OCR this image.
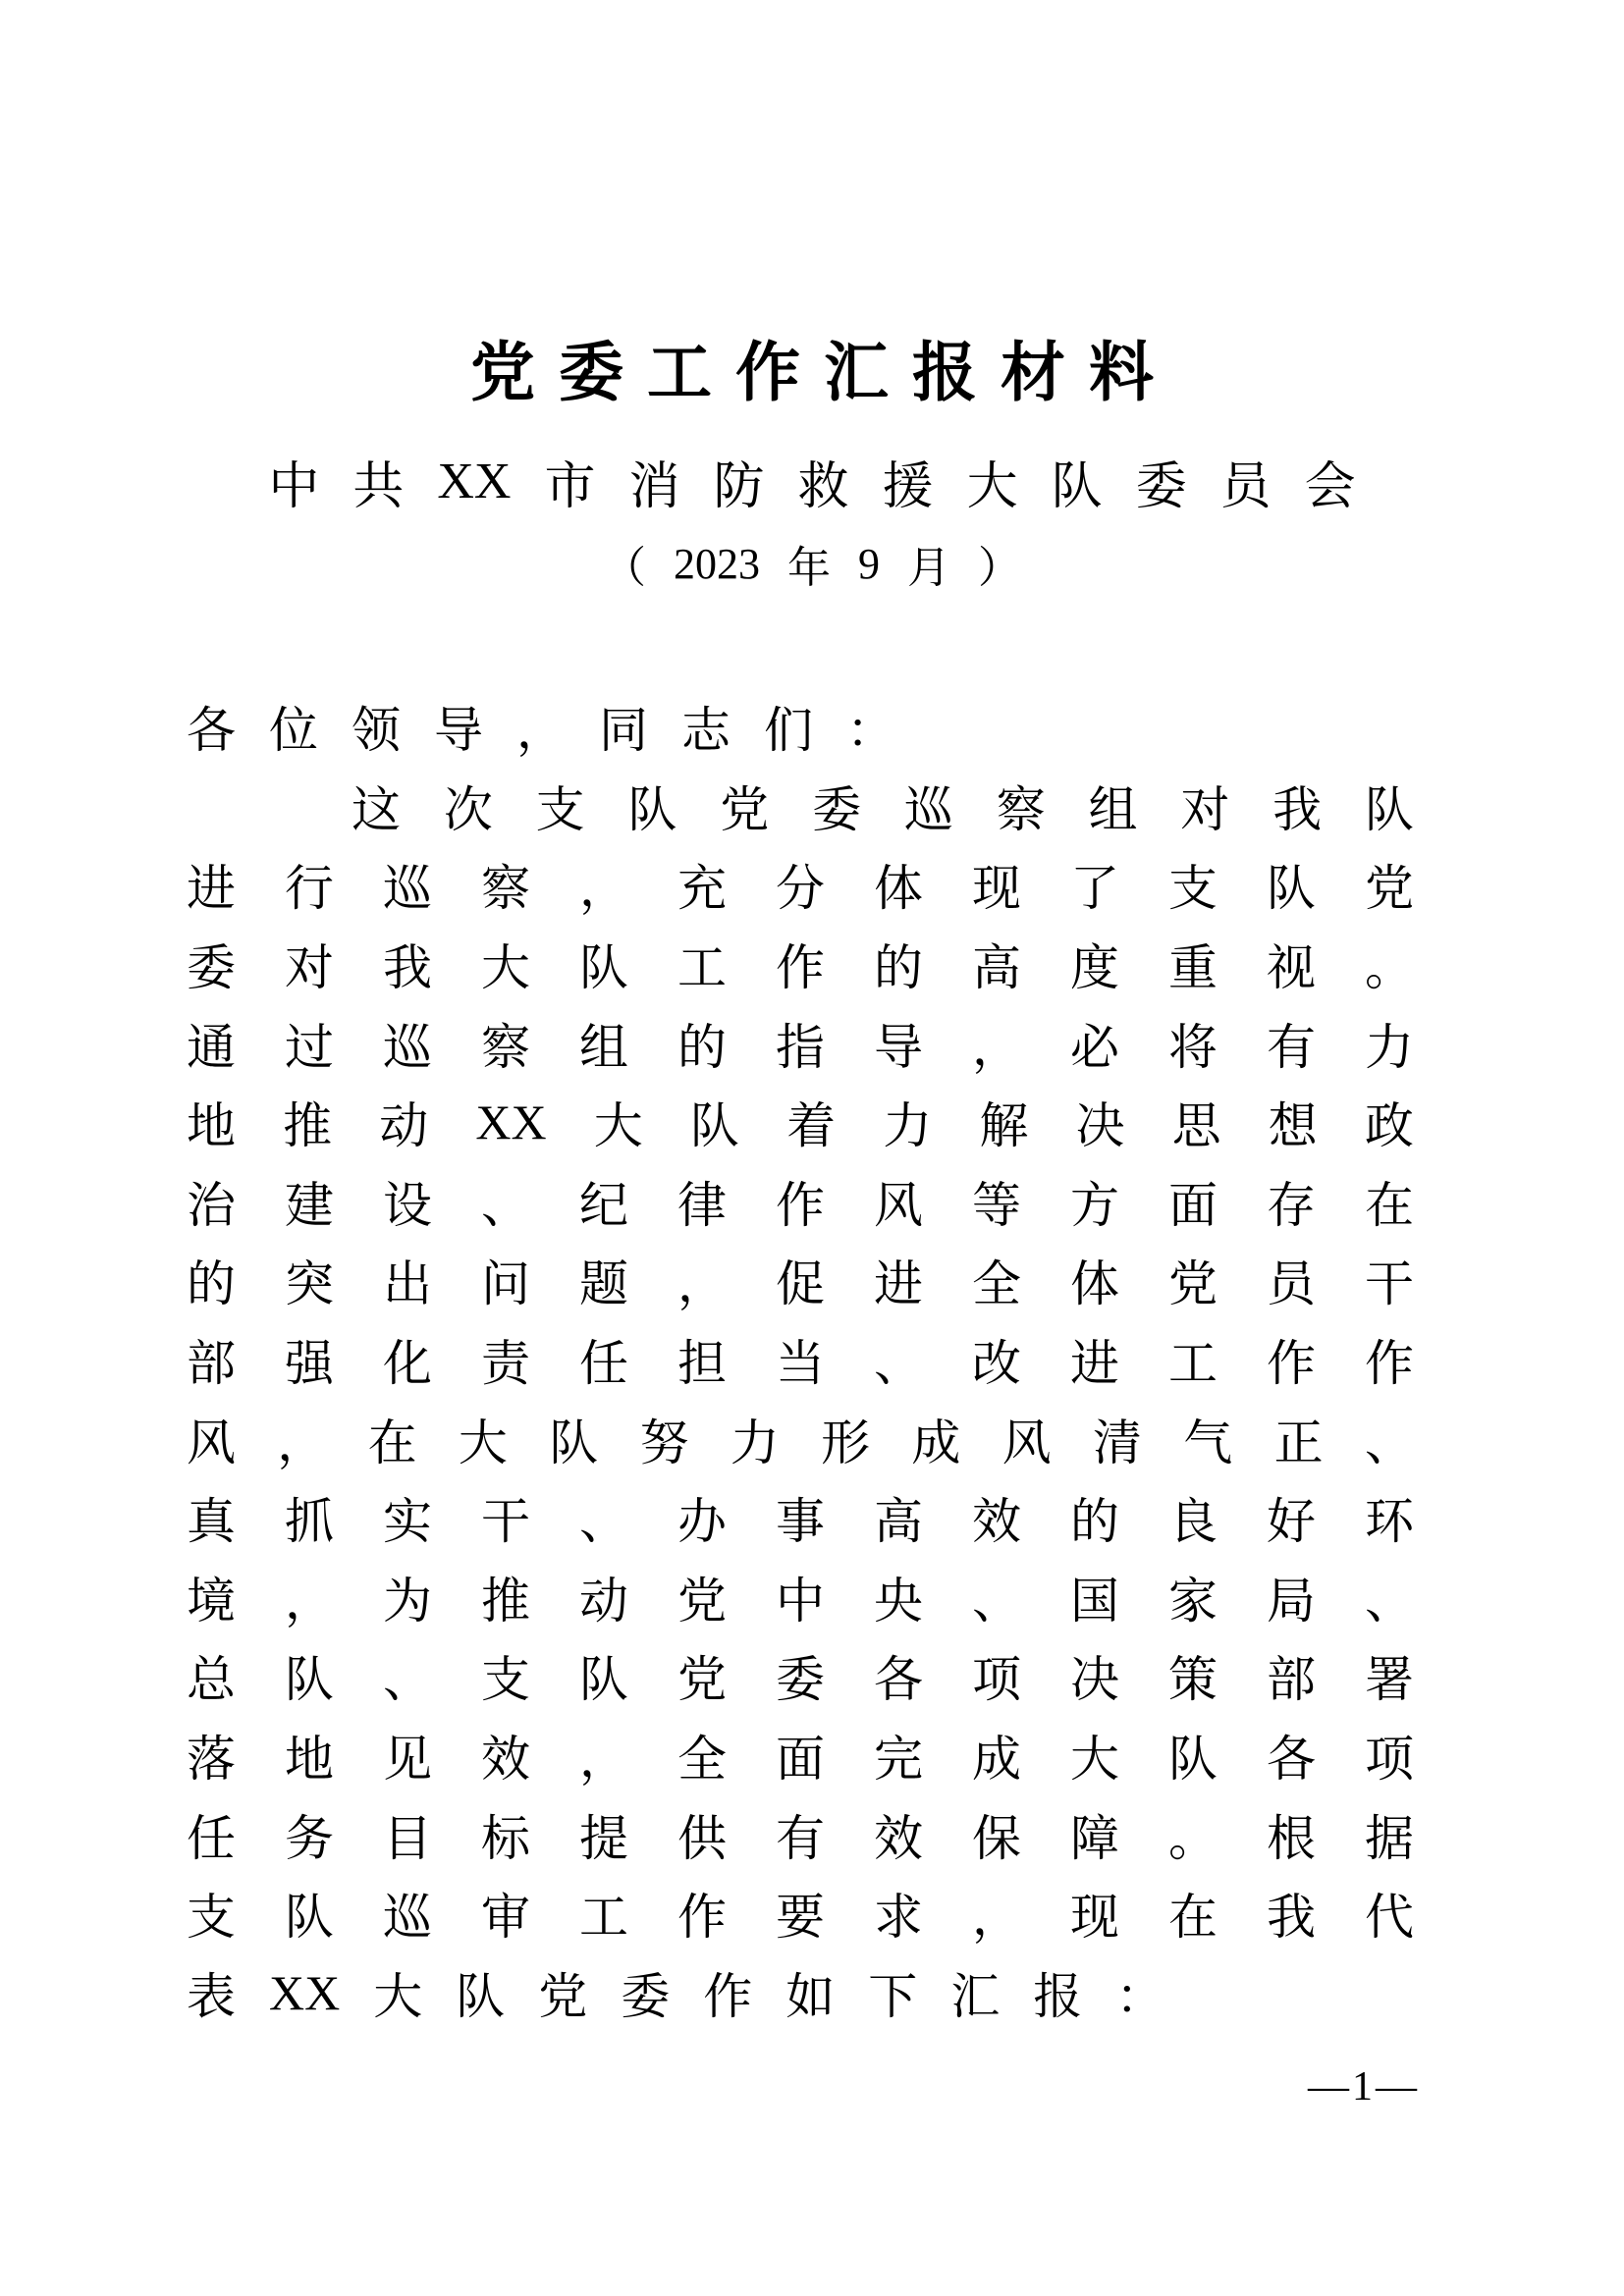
党 委 工 作 汇 报 材 料
中 共 XX 市 消 防 救 援 大 队 委 员 会
（ 2023 年 9 月 ）
各 位 领 导 ， 同 志 们 ：
这 次 支 队 党 委 巡 察 组 对 我 队
进 行 巡 察 ， 充 分 体 现 了 支 队 党
委 对 我 大 队 工 作 的 高 度 重 视 。
通 过 巡 察 组 的 指 导 ， 必 将 有 力
地 推 动 XX 大 队 着 力 解 决 思 想 政
治 建 设 、 纪 律 作 风 等 方 面 存 在
的 突 出 问 题 ， 促 进 全 体 党 员 干
部 强 化 责 任 担 当 、 改 进 工 作 作
风 ， 在 大 队 努 力 形 成 风 清 气 正 、
真 抓 实 干 、 办 事 高 效 的 良 好 环
境 ， 为 推 动 党 中 央 、 国 家 局 、
总 队 、 支 队 党 委 各 项 决 策 部 署
落 地 见 效 ， 全 面 完 成 大 队 各 项
任 务 目 标 提 供 有 效 保 障 。 根 据
支 队 巡 审 工 作 要 求 ， 现 在 我 代
表 XX 大 队 党 委 作 如 下 汇 报 ：
—1—
